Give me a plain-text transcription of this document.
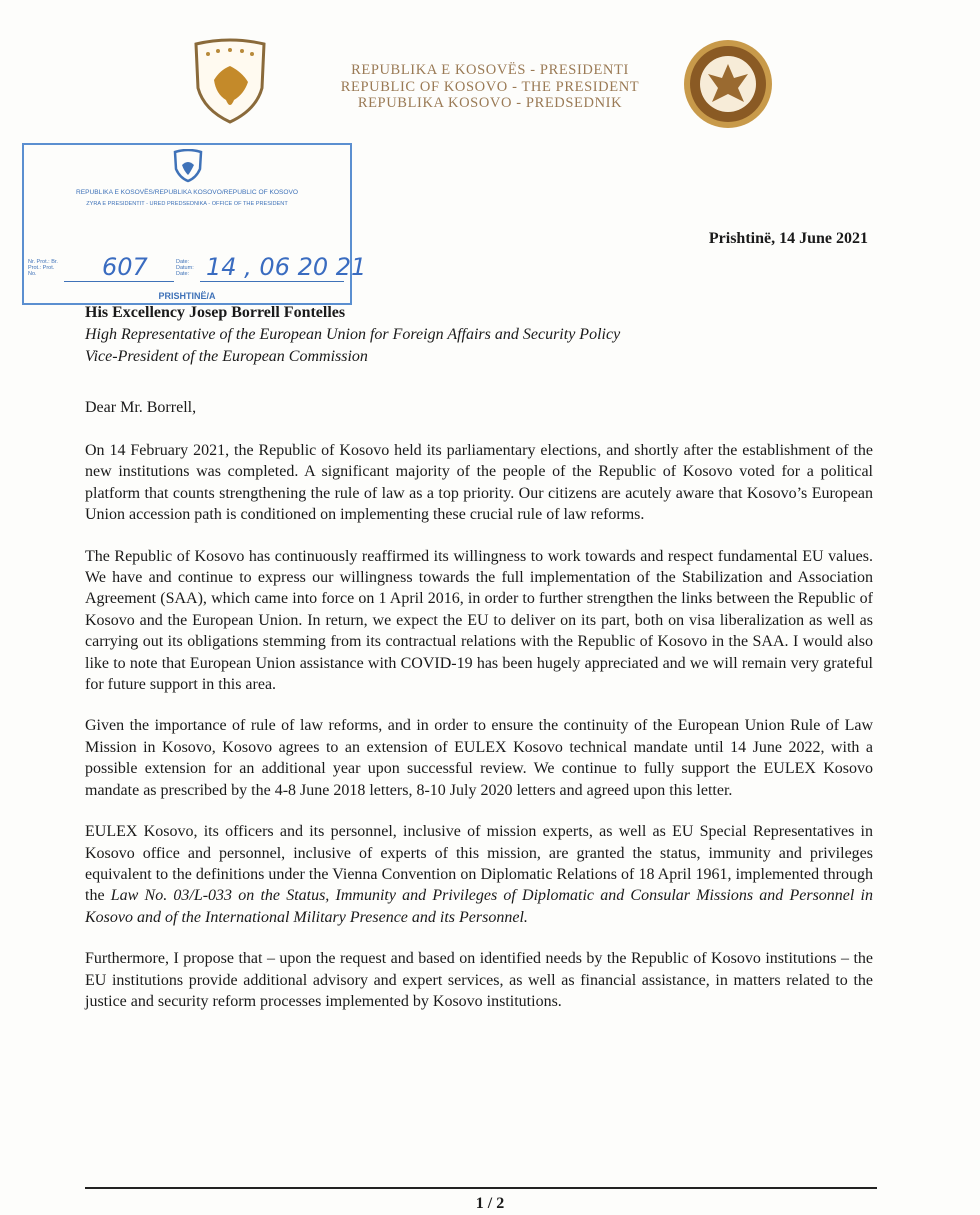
REPUBLIKA E KOSOVËS - PRESIDENTI
REPUBLIC OF KOSOVO - THE PRESIDENT
REPUBLIKA KOSOVO - PREDSEDNIK
REPUBLIKA E KOSOVËS/REPUBLIKA KOSOVO/REPUBLIC OF KOSOVO
ZYRA E PRESIDENTIT - URED PREDSEDNIKA - OFFICE OF THE PRESIDENT
Nr. Prot.: Br. Prot.: Prot. No.	607	Date: Datum: Date: 14 , 06 20 21
PRISHTINË/A
Prishtinë, 14 June 2021
His Excellency Josep Borrell Fontelles
High Representative of the European Union for Foreign Affairs and Security Policy
Vice-President of the European Commission
Dear Mr. Borrell,

On 14 February 2021, the Republic of Kosovo held its parliamentary elections, and shortly after the establishment of the new institutions was completed. A significant majority of the people of the Republic of Kosovo voted for a political platform that counts strengthening the rule of law as a top priority. Our citizens are acutely aware that Kosovo’s European Union accession path is conditioned on implementing these crucial rule of law reforms.

The Republic of Kosovo has continuously reaffirmed its willingness to work towards and respect fundamental EU values. We have and continue to express our willingness towards the full implementation of the Stabilization and Association Agreement (SAA), which came into force on 1 April 2016, in order to further strengthen the links between the Republic of Kosovo and the European Union. In return, we expect the EU to deliver on its part, both on visa liberalization as well as carrying out its obligations stemming from its contractual relations with the Republic of Kosovo in the SAA. I would also like to note that European Union assistance with COVID-19 has been hugely appreciated and we will remain very grateful for future support in this area.

Given the importance of rule of law reforms, and in order to ensure the continuity of the European Union Rule of Law Mission in Kosovo, Kosovo agrees to an extension of EULEX Kosovo technical mandate until 14 June 2022, with a possible extension for an additional year upon successful review. We continue to fully support the EULEX Kosovo mandate as prescribed by the 4-8 June 2018 letters, 8-10 July 2020 letters and agreed upon this letter.

EULEX Kosovo, its officers and its personnel, inclusive of mission experts, as well as EU Special Representatives in Kosovo office and personnel, inclusive of experts of this mission, are granted the status, immunity and privileges equivalent to the definitions under the Vienna Convention on Diplomatic Relations of 18 April 1961, implemented through the Law No. 03/L-033 on the Status, Immunity and Privileges of Diplomatic and Consular Missions and Personnel in Kosovo and of the International Military Presence and its Personnel.

Furthermore, I propose that – upon the request and based on identified needs by the Republic of Kosovo institutions – the EU institutions provide additional advisory and expert services, as well as financial assistance, in matters related to the justice and security reform processes implemented by Kosovo institutions.

1 / 2
